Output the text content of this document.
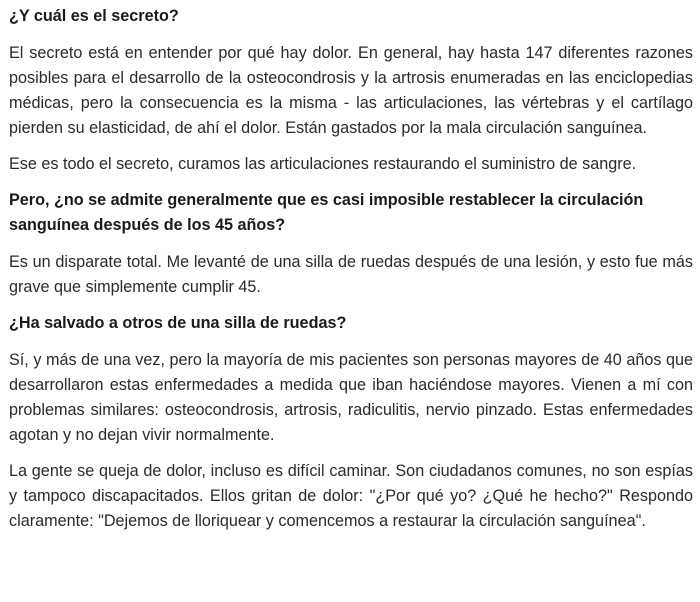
¿Y cuál es el secreto?

El secreto está en entender por qué hay dolor. En general, hay hasta 147 diferentes razones posibles para el desarrollo de la osteocondrosis y la artrosis enumeradas en las enciclopedias médicas, pero la consecuencia es la misma - las articulaciones, las vértebras y el cartílago pierden su elasticidad, de ahí el dolor. Están gastados por la mala circulación sanguínea.

Ese es todo el secreto, curamos las articulaciones restaurando el suministro de sangre.

Pero, ¿no se admite generalmente que es casi imposible restablecer la circulación sanguínea después de los 45 años?

Es un disparate total. Me levanté de una silla de ruedas después de una lesión, y esto fue más grave que simplemente cumplir 45.

¿Ha salvado a otros de una silla de ruedas?

Sí, y más de una vez, pero la mayoría de mis pacientes son personas mayores de 40 años que desarrollaron estas enfermedades a medida que iban haciéndose mayores. Vienen a mí con problemas similares: osteocondrosis, artrosis, radiculitis, nervio pinzado. Estas enfermedades agotan y no dejan vivir normalmente.

La gente se queja de dolor, incluso es difícil caminar. Son ciudadanos comunes, no son espías y tampoco discapacitados. Ellos gritan de dolor: "¿Por qué yo? ¿Qué he hecho?" Respondo claramente: "Dejemos de lloriquear y comencemos a restaurar la circulación sanguínea".
